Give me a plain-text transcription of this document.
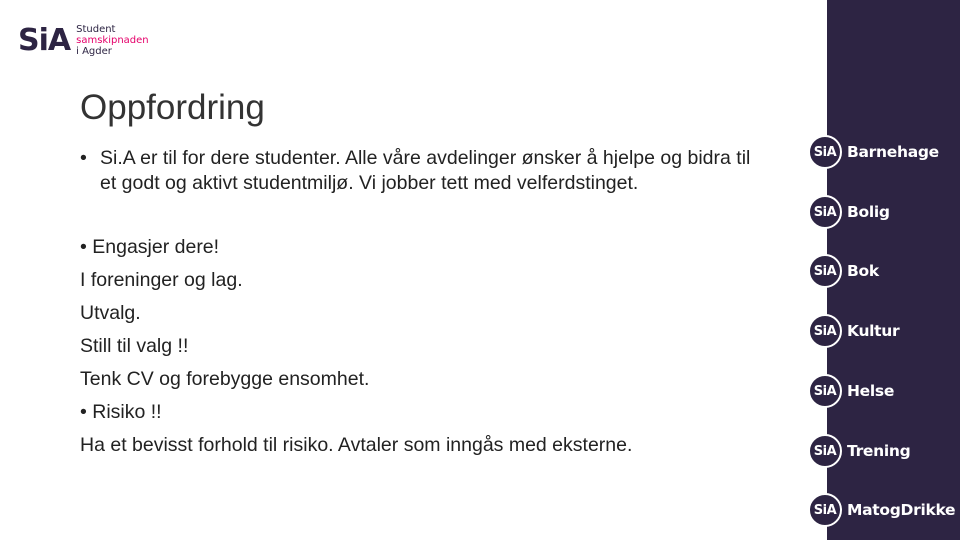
SiA Student
samskipnaden
i Agder
Oppfordring
• Si.A er til for dere studenter. Alle våre avdelinger ønsker å hjelpe og bidra til et godt og aktivt studentmiljø. Vi jobber tett med velferdstinget.
• Engasjer dere!
I foreninger og lag.
Utvalg.
Still til valg !!
Tenk CV og forebygge ensomhet.
• Risiko !!
Ha et bevisst forhold til risiko. Avtaler som inngås med eksterne.
SiA Barnehage
SiA Bolig
SiA Bok
SiA Kultur
SiA Helse
SiA Trening
SiA MatogDrikke
